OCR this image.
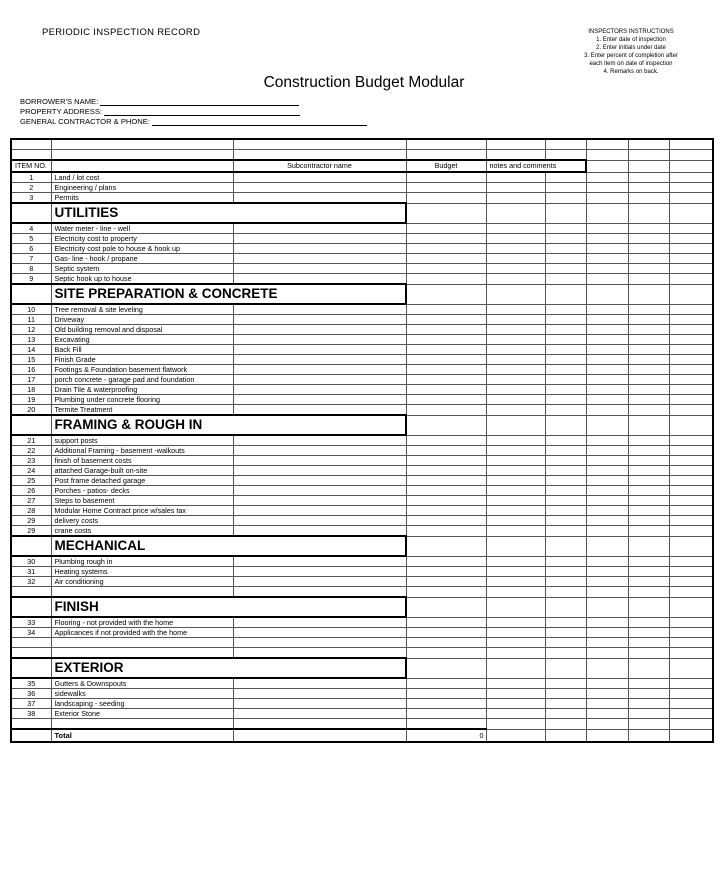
PERIODIC INSPECTION RECORD	INSPECTORS INSTRUCTIONS
1. Enter date of inspection
2. Enter initials under date
3. Enter percent of completion after
each item on date of inspection
4. Remarks on back.
Construction Budget Modular
BORROWER'S NAME:
PROPERTY ADDRESS:
GENERAL CONTRACTOR & PHONE:

ITEM NO.		Subcontractor name	Budget	notes and comments				
1	Land / lot cost							
2	Engineering / plans							
3	Permits							
	UTILITIES							
4	Water meter - line - well							
5	Electricity cost to property							
6	Electricity cost pole to house & hook up							
7	Gas- line - hook / propane							
8	Septic system							
9	Septic hook up to house							
	SITE PREPARATION & CONCRETE							
10	Tree removal & site leveling							
11	Driveway							
12	Old building removal and disposal							
13	Excavating							
14	Back Fill							
15	Finish Grade							
16	Footings & Foundation basement flatwork							
17	porch concrete - garage pad and foundation							
18	Drain Tile & waterproofing							
19	Plumbing under concrete flooring							
20	Termite Treatment							
	FRAMING & ROUGH IN							
21	support posts							
22	Additional Framing - basement -walkouts							
23	finish of basement costs							
24	attached Garage-built on-site							
25	Post frame detached garage							
26	Porches - patios- decks							
27	Steps to basement							
28	Modular Home Contract price w/sales tax							
29	delivery costs							
29	crane costs							
	MECHANICAL							
30	Plumbing rough in							
31	Heating systems							
32	Air conditioning							

	FINISH							
33	Flooring - not provided with the home							
34	Applicances if not provided with the home							

	EXTERIOR							
35	Gutters & Downspouts							
36	sidewalks							
37	landscaping - seeding							
38	Exterior Stone							

	Total		0					
